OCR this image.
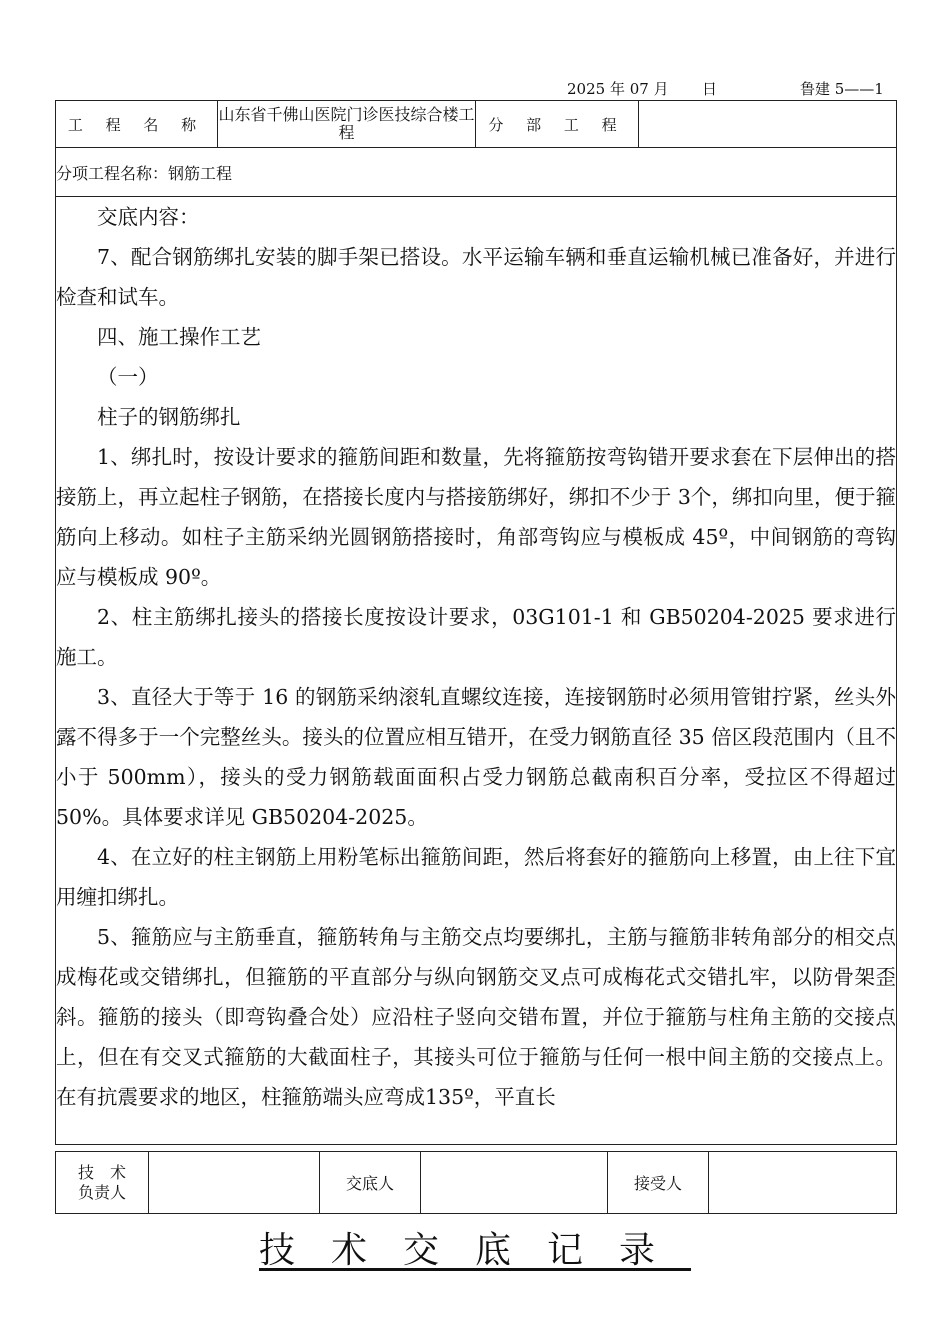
2025 年 07 月 日	鲁建 5——1
工 程 名 称	山东省千佛山医院门诊医技综合楼工程	分 部 工 程	
分项工程名称：钢筋工程

交底内容：

7、配合钢筋绑扎安装的脚手架已搭设。水平运输车辆和垂直运输机械已准备好，并进行检查和试车。

四、施工操作工艺

（一）

柱子的钢筋绑扎

1、绑扎时，按设计要求的箍筋间距和数量，先将箍筋按弯钩错开要求套在下层伸出的搭接筋上，再立起柱子钢筋，在搭接长度内与搭接筋绑好，绑扣不少于 3个，绑扣向里，便于箍筋向上移动。如柱子主筋采纳光圆钢筋搭接时，角部弯钩应与模板成 45º，中间钢筋的弯钩应与模板成 90º。

2、柱主筋绑扎接头的搭接长度按设计要求，03G101-1 和 GB50204-2025 要求进行施工。

3、直径大于等于 16 的钢筋采纳滚轧直螺纹连接，连接钢筋时必须用管钳拧紧，丝头外露不得多于一个完整丝头。接头的位置应相互错开，在受力钢筋直径 35 倍区段范围内（且不小于 500mm），接头的受力钢筋载面面积占受力钢筋总截南积百分率，受拉区不得超过 50%。具体要求详见 GB50204-2025。

4、在立好的柱主钢筋上用粉笔标出箍筋间距，然后将套好的箍筋向上移置，由上往下宜用缠扣绑扎。

5、箍筋应与主筋垂直，箍筋转角与主筋交点均要绑扎，主筋与箍筋非转角部分的相交点成梅花或交错绑扎，但箍筋的平直部分与纵向钢筋交叉点可成梅花式交错扎牢，以防骨架歪斜。箍筋的接头（即弯钩叠合处）应沿柱子竖向交错布置，并位于箍筋与柱角主筋的交接点上，但在有交叉式箍筋的大截面柱子，其接头可位于箍筋与任何一根中间主筋的交接点上。在有抗震要求的地区，柱箍筋端头应弯成135º，平直长

技　术
负责人		交底人		接受人	
技术交底记录
